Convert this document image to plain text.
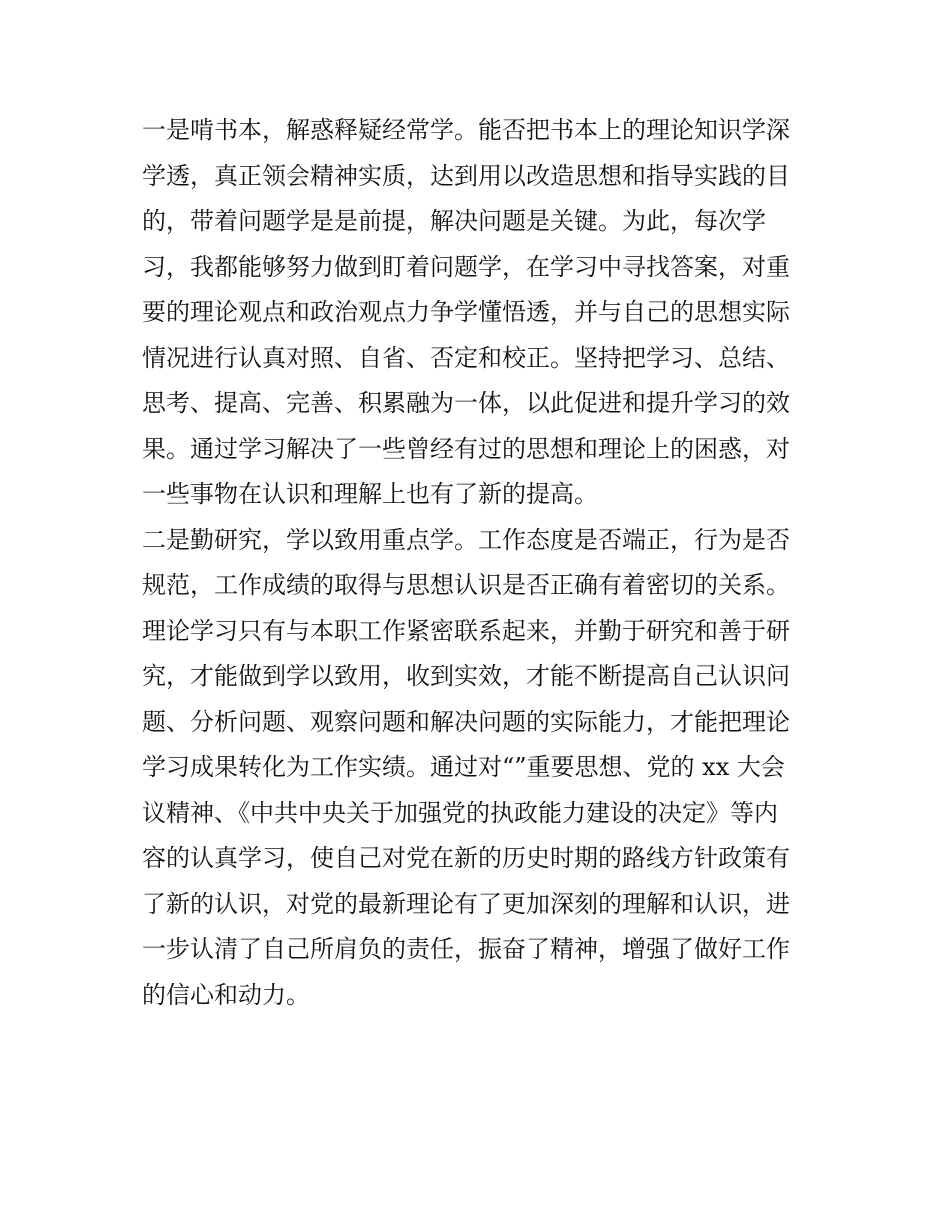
一是啃书本，解惑释疑经常学。能否把书本上的理论知识学深
学透，真正领会精神实质，达到用以改造思想和指导实践的目
的，带着问题学是是前提，解决问题是关键。为此，每次学
习，我都能够努力做到盯着问题学，在学习中寻找答案，对重
要的理论观点和政治观点力争学懂悟透，并与自己的思想实际
情况进行认真对照、自省、否定和校正。坚持把学习、总结、
思考、提高、完善、积累融为一体，以此促进和提升学习的效
果。通过学习解决了一些曾经有过的思想和理论上的困惑，对
一些事物在认识和理解上也有了新的提高。
二是勤研究，学以致用重点学。工作态度是否端正，行为是否
规范，工作成绩的取得与思想认识是否正确有着密切的关系。
理论学习只有与本职工作紧密联系起来，并勤于研究和善于研
究，才能做到学以致用，收到实效，才能不断提高自己认识问
题、分析问题、观察问题和解决问题的实际能力，才能把理论
学习成果转化为工作实绩。通过对“”重要思想、党的 xx 大会
议精神、《中共中央关于加强党的执政能力建设的决定》等内
容的认真学习，使自己对党在新的历史时期的路线方针政策有
了新的认识，对党的最新理论有了更加深刻的理解和认识，进
一步认清了自己所肩负的责任，振奋了精神，增强了做好工作
的信心和动力。
